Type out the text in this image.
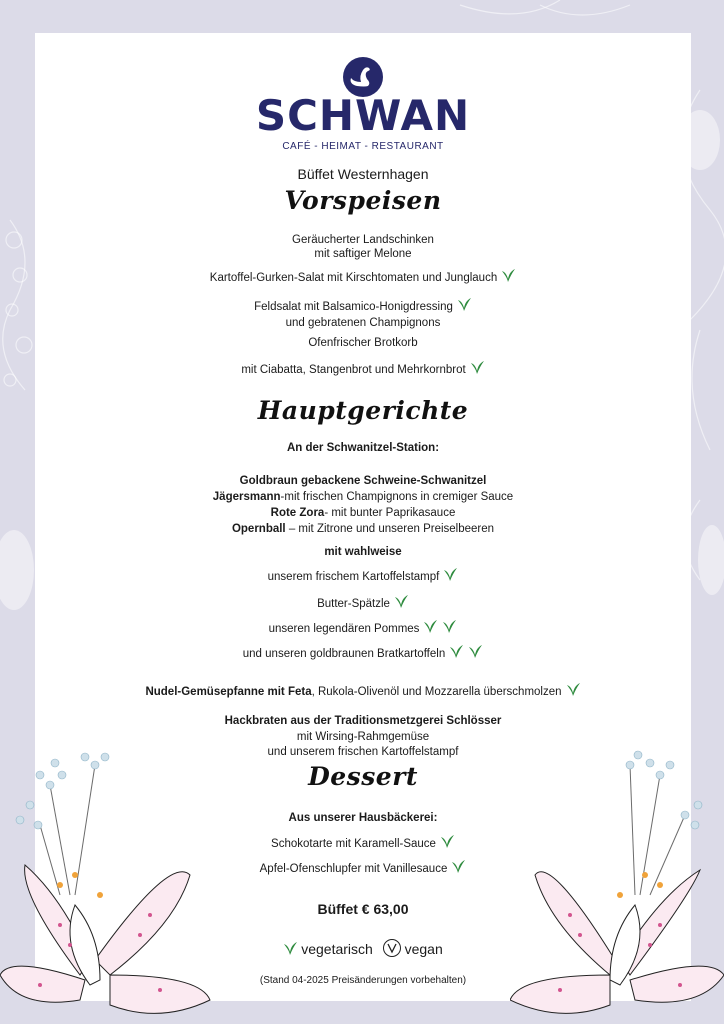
SCHWAN
CAFÉ - HEIMAT - RESTAURANT
Büffet Westernhagen
Vorspeisen
Geräucherter Landschinken
mit saftiger Melone
Kartoffel-Gurken-Salat mit Kirschtomaten und Junglauch
Feldsalat mit Balsamico-Honigdressing
und gebratenen Champignons
Ofenfrischer Brotkorb
mit Ciabatta, Stangenbrot und Mehrkornbrot
Hauptgerichte
An der Schwanitzel-Station:
Goldbraun gebackene Schweine-Schwanitzel
Jägersmann-mit frischen Champignons in cremiger Sauce
Rote Zora- mit bunter Paprikasauce
Opernball – mit Zitrone und unseren Preiselbeeren
mit wahlweise
unserem frischem Kartoffelstampf
Butter-Spätzle
unseren legendären Pommes
und unseren goldbraunen Bratkartoffeln
Nudel-Gemüsepfanne mit Feta, Rukola-Olivenöl und Mozzarella überschmolzen
Hackbraten aus der Traditionsmetzgerei Schlösser
mit Wirsing-Rahmgemüse
und unserem frischen Kartoffelstampf
Dessert
Aus unserer Hausbäckerei:
Schokotarte mit Karamell-Sauce
Apfel-Ofenschlupfer mit Vanillesauce
Büffet € 63,00
vegetarisch vegan
(Stand 04-2025 Preisänderungen vorbehalten)
